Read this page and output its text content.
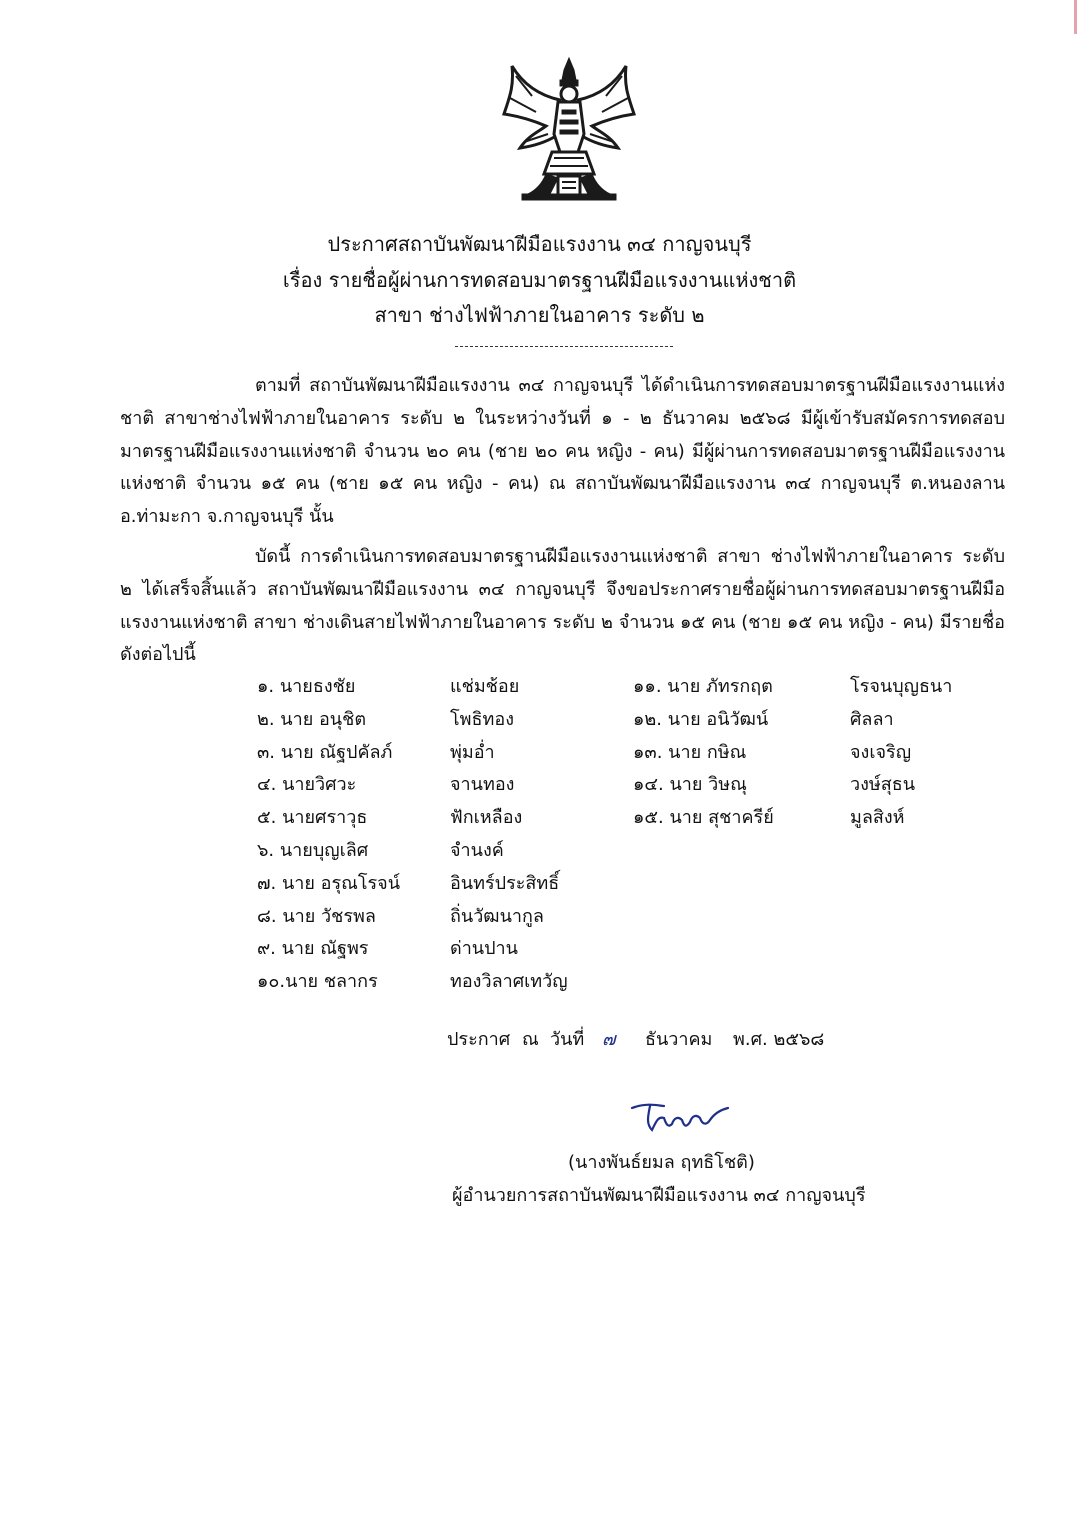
ประกาศสถาบันพัฒนาฝีมือแรงงาน ๓๔ กาญจนบุรี
เรื่อง รายชื่อผู้ผ่านการทดสอบมาตรฐานฝีมือแรงงานแห่งชาติ
สาขา ช่างไฟฟ้าภายในอาคาร ระดับ ๒

ตามที่ สถาบันพัฒนาฝีมือแรงงาน ๓๔ กาญจนบุรี ได้ดำเนินการทดสอบมาตรฐานฝีมือแรงงานแห่งชาติ สาขาช่างไฟฟ้าภายในอาคาร ระดับ ๒ ในระหว่างวันที่ ๑ - ๒ ธันวาคม ๒๕๖๘ มีผู้เข้ารับสมัครการทดสอบมาตรฐานฝีมือแรงงานแห่งชาติ จำนวน ๒๐ คน (ชาย ๒๐ คน หญิง - คน) มีผู้ผ่านการทดสอบมาตรฐานฝีมือแรงงานแห่งชาติ จำนวน ๑๕ คน (ชาย ๑๕ คน หญิง - คน) ณ สถาบันพัฒนาฝีมือแรงงาน ๓๔ กาญจนบุรี ต.หนองลาน อ.ท่ามะกา จ.กาญจนบุรี นั้น

บัดนี้ การดำเนินการทดสอบมาตรฐานฝีมือแรงงานแห่งชาติ สาขา ช่างไฟฟ้าภายในอาคาร ระดับ ๒ ได้เสร็จสิ้นแล้ว สถาบันพัฒนาฝีมือแรงงาน ๓๔ กาญจนบุรี จึงขอประกาศรายชื่อผู้ผ่านการทดสอบมาตรฐานฝีมือแรงงานแห่งชาติ สาขา ช่างเดินสายไฟฟ้าภายในอาคาร ระดับ ๒ จำนวน ๑๕ คน (ชาย ๑๕ คน หญิง - คน) มีรายชื่อดังต่อไปนี้

๑. นายธงชัย	แช่มช้อย
๒. นาย อนุชิต	โพธิทอง
๓. นาย ณัฐปคัลภ์	พุ่มอ่ำ
๔. นายวิศวะ	จานทอง
๕. นายศราวุธ	ฟักเหลือง
๖. นายบุญเลิศ	จำนงค์
๗. นาย อรุณโรจน์	อินทร์ประสิทธิ์
๘. นาย วัชรพล	ถิ่นวัฒนากูล
๙. นาย ณัฐพร	ด่านปาน
๑๐.นาย ชลากร	ทองวิลาศเทวัญ
๑๑. นาย ภัทรกฤต	โรจนบุญธนา
๑๒. นาย อนิวัฒน์	ศิลลา
๑๓. นาย กษิณ	จงเจริญ
๑๔. นาย วิษณุ	วงษ์สุธน
๑๕. นาย สุชาครีย์	มูลสิงห์
ประกาศ ณ วันที่ ๗ ธันวาคม พ.ศ. ๒๕๖๘
(นางพันธ์ยมล ฤทธิโชติ)
ผู้อำนวยการสถาบันพัฒนาฝีมือแรงงาน ๓๔ กาญจนบุรี
